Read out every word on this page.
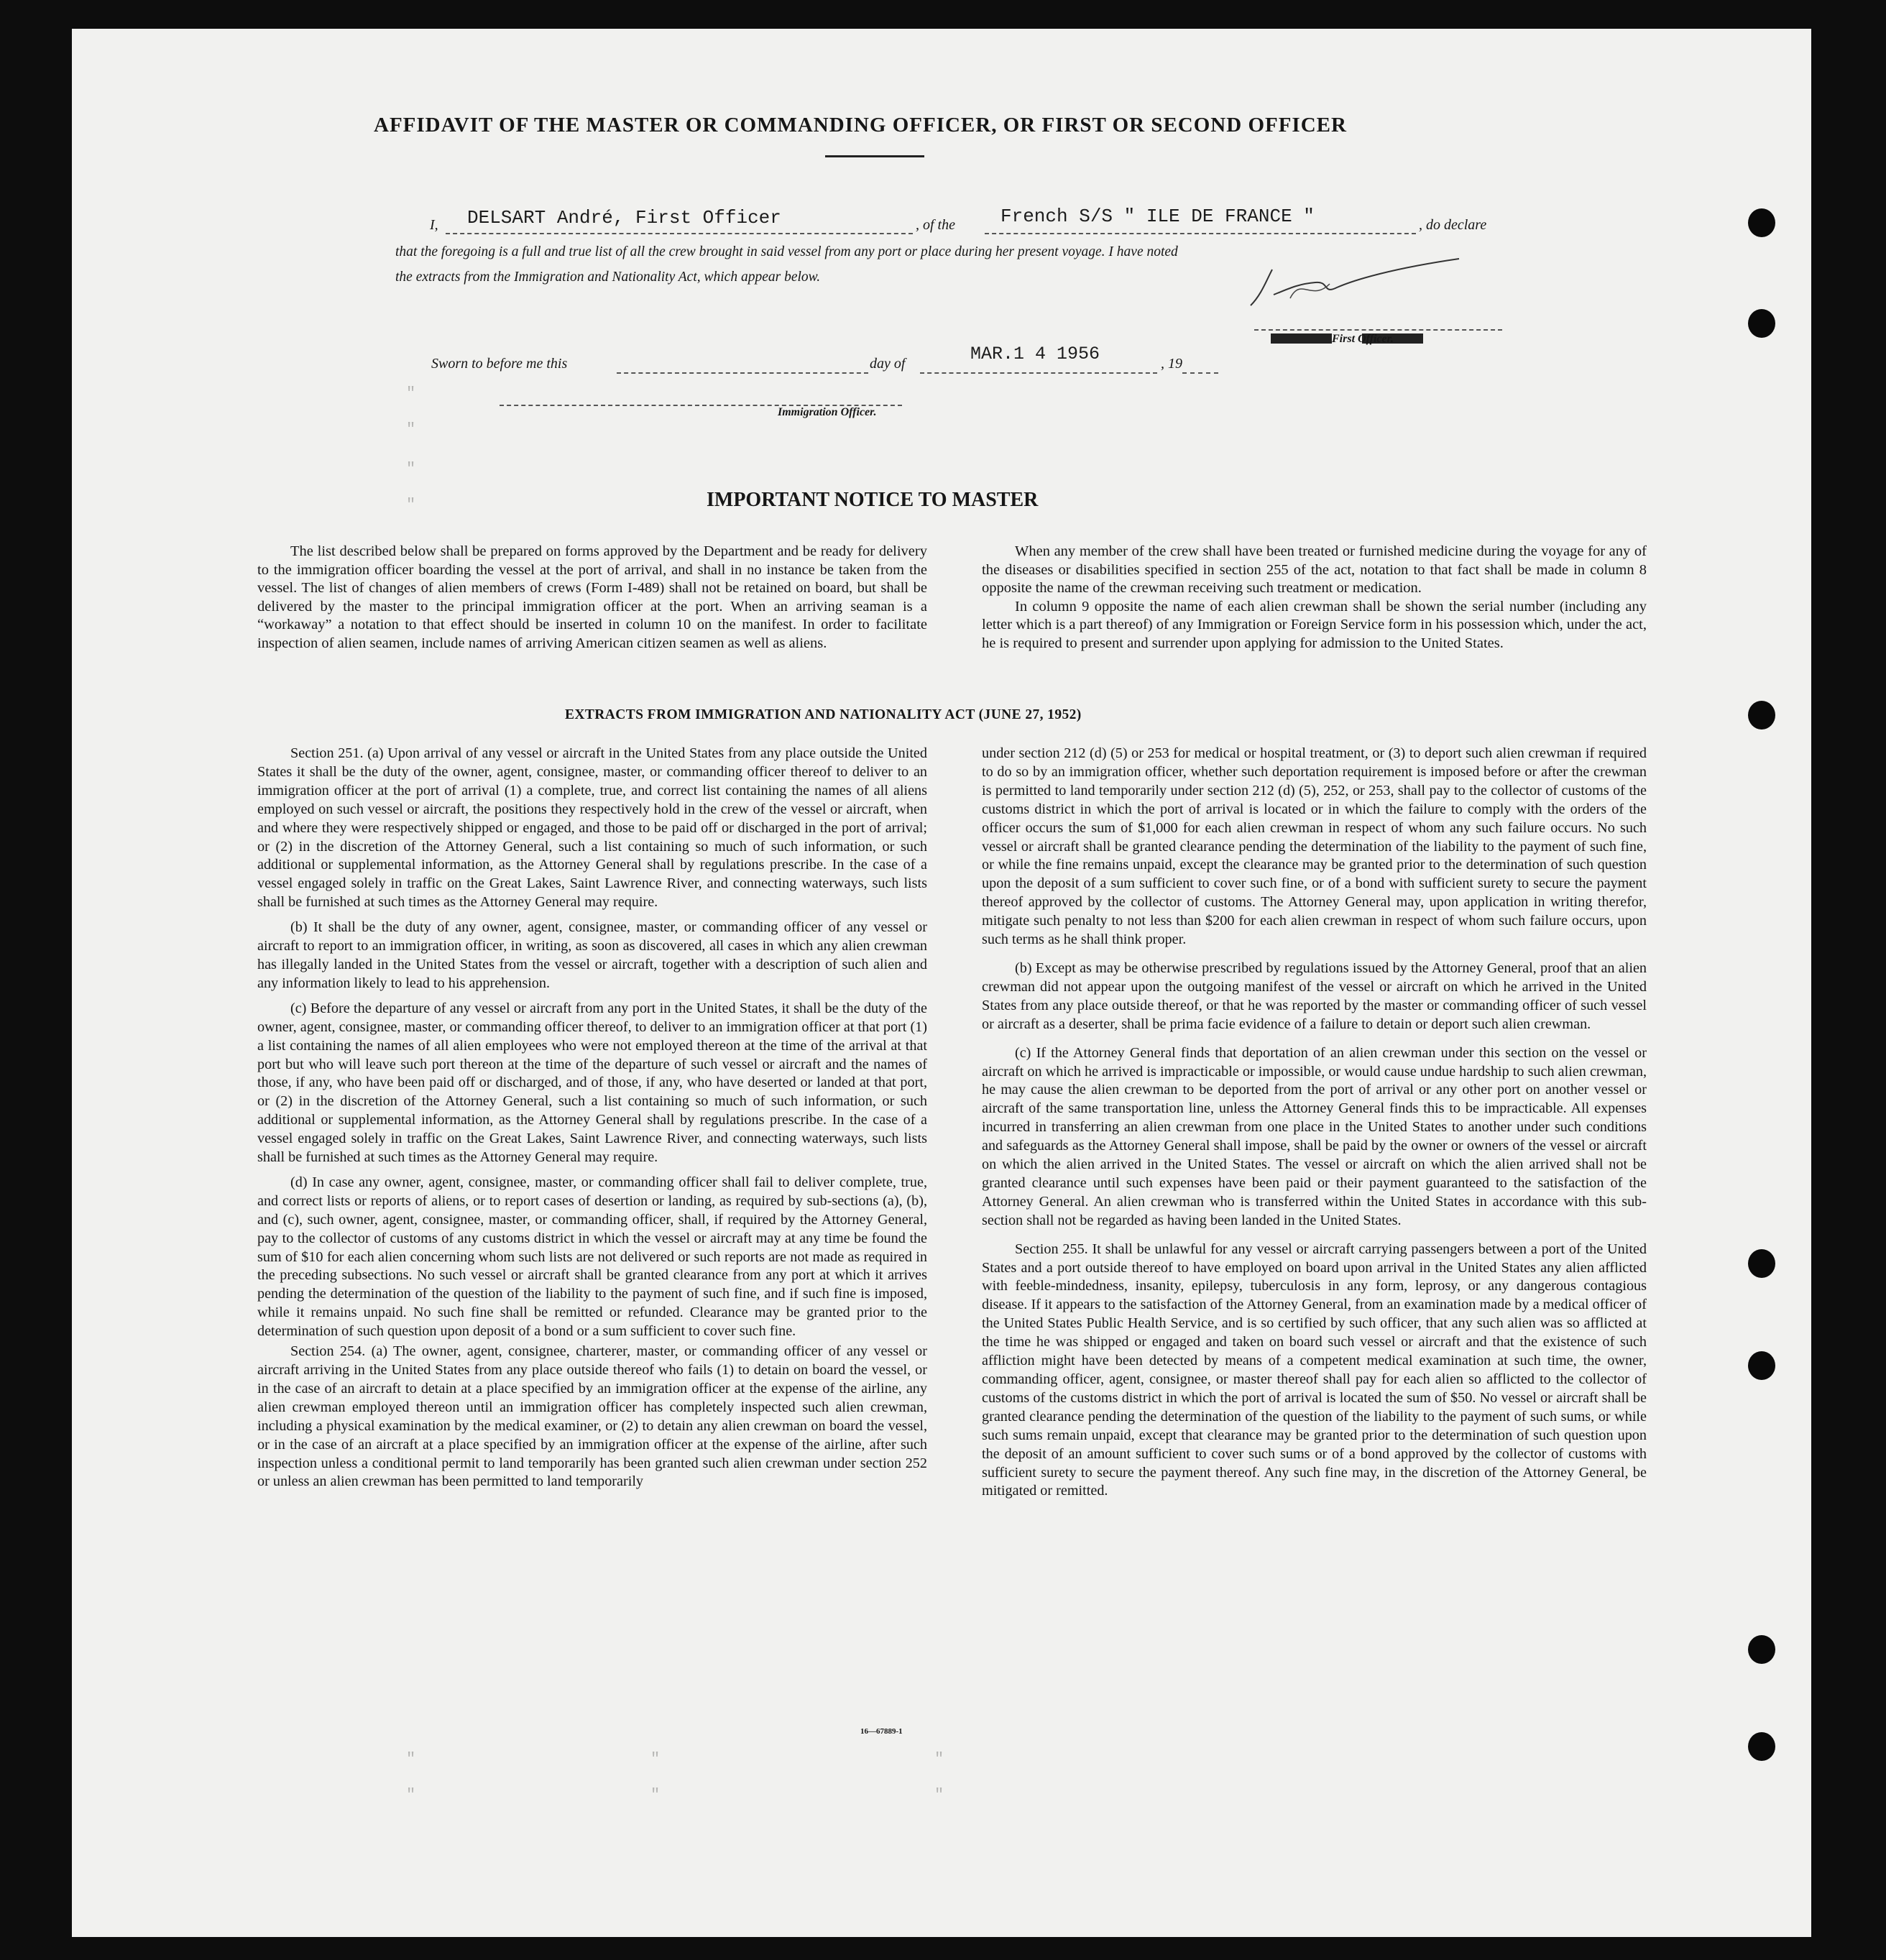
AFFIDAVIT OF THE MASTER OR COMMANDING OFFICER, OR FIRST OR SECOND OFFICER
I, DELSART André, First Officer	, of the French S/S " ILE DE FRANCE "	, do declare
that the foregoing is a full and true list of all the crew brought in said vessel from any port or place during her present voyage. I have noted
the extracts from the Immigration and Nationality Act, which appear below.
First Officer.
Sworn to before me this	day of	MAR.1 4 1956	, 19
Immigration Officer.
"
"
"
"
"
"
"
"
"
"
IMPORTANT NOTICE TO MASTER

The list described below shall be prepared on forms approved by the Department and be ready for delivery to the immigration officer boarding the vessel at the port of arrival, and shall in no instance be taken from the vessel. The list of changes of alien members of crews (Form I-489) shall not be retained on board, but shall be delivered by the master to the principal immigration officer at the port. When an arriving seaman is a “workaway” a notation to that effect should be inserted in column 10 on the manifest. In order to facilitate inspection of alien seamen, include names of arriving American citizen seamen as well as aliens.

When any member of the crew shall have been treated or furnished medicine during the voyage for any of the diseases or disabilities specified in section 255 of the act, notation to that fact shall be made in column 8 opposite the name of the crewman receiving such treatment or medication.

In column 9 opposite the name of each alien crewman shall be shown the serial number (including any letter which is a part thereof) of any Immigration or Foreign Service form in his possession which, under the act, he is required to present and surrender upon applying for admission to the United States.

EXTRACTS FROM IMMIGRATION AND NATIONALITY ACT (JUNE 27, 1952)

Section 251. (a) Upon arrival of any vessel or aircraft in the United States from any place outside the United States it shall be the duty of the owner, agent, consignee, master, or commanding officer thereof to deliver to an immigration officer at the port of arrival (1) a complete, true, and correct list containing the names of all aliens employed on such vessel or aircraft, the positions they respectively hold in the crew of the vessel or aircraft, when and where they were respectively shipped or engaged, and those to be paid off or discharged in the port of arrival; or (2) in the discretion of the Attorney General, such a list containing so much of such information, or such additional or supplemental information, as the Attorney General shall by regulations prescribe. In the case of a vessel engaged solely in traffic on the Great Lakes, Saint Lawrence River, and connecting waterways, such lists shall be furnished at such times as the Attorney General may require.

(b) It shall be the duty of any owner, agent, consignee, master, or commanding officer of any vessel or aircraft to report to an immigration officer, in writing, as soon as discovered, all cases in which any alien crewman has illegally landed in the United States from the vessel or aircraft, together with a description of such alien and any information likely to lead to his apprehension.

(c) Before the departure of any vessel or aircraft from any port in the United States, it shall be the duty of the owner, agent, consignee, master, or commanding officer thereof, to deliver to an immigration officer at that port (1) a list containing the names of all alien employees who were not employed thereon at the time of the arrival at that port but who will leave such port thereon at the time of the departure of such vessel or aircraft and the names of those, if any, who have been paid off or discharged, and of those, if any, who have deserted or landed at that port, or (2) in the discretion of the Attorney General, such a list containing so much of such information, or such additional or supplemental information, as the Attorney General shall by regulations prescribe. In the case of a vessel engaged solely in traffic on the Great Lakes, Saint Lawrence River, and connecting waterways, such lists shall be furnished at such times as the Attorney General may require.

(d) In case any owner, agent, consignee, master, or commanding officer shall fail to deliver complete, true, and correct lists or reports of aliens, or to report cases of desertion or landing, as required by sub-sections (a), (b), and (c), such owner, agent, consignee, master, or commanding officer, shall, if required by the Attorney General, pay to the collector of customs of any customs district in which the vessel or aircraft may at any time be found the sum of $10 for each alien concerning whom such lists are not delivered or such reports are not made as required in the preceding subsections. No such vessel or aircraft shall be granted clearance from any port at which it arrives pending the determination of the question of the liability to the payment of such fine, and if such fine is imposed, while it remains unpaid. No such fine shall be remitted or refunded. Clearance may be granted prior to the determination of such question upon deposit of a bond or a sum sufficient to cover such fine.

Section 254. (a) The owner, agent, consignee, charterer, master, or commanding officer of any vessel or aircraft arriving in the United States from any place outside thereof who fails (1) to detain on board the vessel, or in the case of an aircraft to detain at a place specified by an immigration officer at the expense of the airline, any alien crewman employed thereon until an immigration officer has completely inspected such alien crewman, including a physical examination by the medical examiner, or (2) to detain any alien crewman on board the vessel, or in the case of an aircraft at a place specified by an immigration officer at the expense of the airline, after such inspection unless a conditional permit to land temporarily has been granted such alien crewman under section 252 or unless an alien crewman has been permitted to land temporarily

under section 212 (d) (5) or 253 for medical or hospital treatment, or (3) to deport such alien crewman if required to do so by an immigration officer, whether such deportation requirement is imposed before or after the crewman is permitted to land temporarily under section 212 (d) (5), 252, or 253, shall pay to the collector of customs of the customs district in which the port of arrival is located or in which the failure to comply with the orders of the officer occurs the sum of $1,000 for each alien crewman in respect of whom any such failure occurs. No such vessel or aircraft shall be granted clearance pending the determination of the liability to the payment of such fine, or while the fine remains unpaid, except the clearance may be granted prior to the determination of such question upon the deposit of a sum sufficient to cover such fine, or of a bond with sufficient surety to secure the payment thereof approved by the collector of customs. The Attorney General may, upon application in writing therefor, mitigate such penalty to not less than $200 for each alien crewman in respect of whom such failure occurs, upon such terms as he shall think proper.

(b) Except as may be otherwise prescribed by regulations issued by the Attorney General, proof that an alien crewman did not appear upon the outgoing manifest of the vessel or aircraft on which he arrived in the United States from any place outside thereof, or that he was reported by the master or commanding officer of such vessel or aircraft as a deserter, shall be prima facie evidence of a failure to detain or deport such alien crewman.

(c) If the Attorney General finds that deportation of an alien crewman under this section on the vessel or aircraft on which he arrived is impracticable or impossible, or would cause undue hardship to such alien crewman, he may cause the alien crewman to be deported from the port of arrival or any other port on another vessel or aircraft of the same transportation line, unless the Attorney General finds this to be impracticable. All expenses incurred in transferring an alien crewman from one place in the United States to another under such conditions and safeguards as the Attorney General shall impose, shall be paid by the owner or owners of the vessel or aircraft on which the alien arrived in the United States. The vessel or aircraft on which the alien arrived shall not be granted clearance until such expenses have been paid or their payment guaranteed to the satisfaction of the Attorney General. An alien crewman who is transferred within the United States in accordance with this sub-section shall not be regarded as having been landed in the United States.

Section 255. It shall be unlawful for any vessel or aircraft carrying passengers between a port of the United States and a port outside thereof to have employed on board upon arrival in the United States any alien afflicted with feeble-mindedness, insanity, epilepsy, tuberculosis in any form, leprosy, or any dangerous contagious disease. If it appears to the satisfaction of the Attorney General, from an examination made by a medical officer of the United States Public Health Service, and is so certified by such officer, that any such alien was so afflicted at the time he was shipped or engaged and taken on board such vessel or aircraft and that the existence of such affliction might have been detected by means of a competent medical examination at such time, the owner, commanding officer, agent, consignee, or master thereof shall pay for each alien so afflicted to the collector of customs of the customs district in which the port of arrival is located the sum of $50. No vessel or aircraft shall be granted clearance pending the determination of the question of the liability to the payment of such sums, or while such sums remain unpaid, except that clearance may be granted prior to the determination of such question upon the deposit of an amount sufficient to cover such sums or of a bond approved by the collector of customs with sufficient surety to secure the payment thereof. Any such fine may, in the discretion of the Attorney General, be mitigated or remitted.

16—67889-1
